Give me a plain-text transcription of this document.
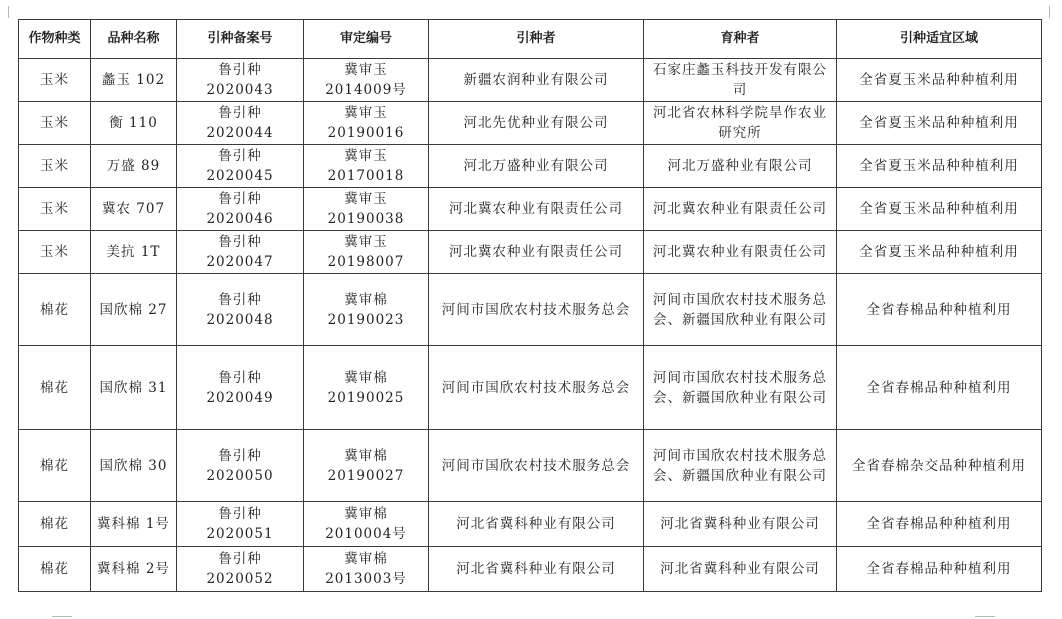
作物种类	品种名称	引种备案号	审定编号	引种者	育种者	引种适宜区域
玉米	蠡玉 102	鲁引种 2020043	冀审玉 2014009号	新疆农润种业有限公司	石家庄蠡玉科技开发有限公司	全省夏玉米品种种植利用
玉米	衡 110	鲁引种 2020044	冀审玉 20190016	河北先优种业有限公司	河北省农林科学院旱作农业研究所	全省夏玉米品种种植利用
玉米	万盛 89	鲁引种 2020045	冀审玉 20170018	河北万盛种业有限公司	河北万盛种业有限公司	全省夏玉米品种种植利用
玉米	冀农 707	鲁引种 2020046	冀审玉 20190038	河北冀农种业有限责任公司	河北冀农种业有限责任公司	全省夏玉米品种种植利用
玉米	美抗 1T	鲁引种 2020047	冀审玉 20198007	河北冀农种业有限责任公司	河北冀农种业有限责任公司	全省夏玉米品种种植利用
棉花	国欣棉 27	鲁引种 2020048	冀审棉 20190023	河间市国欣农村技术服务总会	河间市国欣农村技术服务总会、新疆国欣种业有限公司	全省春棉品种种植利用
棉花	国欣棉 31	鲁引种 2020049	冀审棉 20190025	河间市国欣农村技术服务总会	河间市国欣农村技术服务总会、新疆国欣种业有限公司	全省春棉品种种植利用
棉花	国欣棉 30	鲁引种 2020050	冀审棉 20190027	河间市国欣农村技术服务总会	河间市国欣农村技术服务总会、新疆国欣种业有限公司	全省春棉杂交品种种植利用
棉花	冀科棉 1号	鲁引种 2020051	冀审棉 2010004号	河北省冀科种业有限公司	河北省冀科种业有限公司	全省春棉品种种植利用
棉花	冀科棉 2号	鲁引种 2020052	冀审棉 2013003号	河北省冀科种业有限公司	河北省冀科种业有限公司	全省春棉品种种植利用
